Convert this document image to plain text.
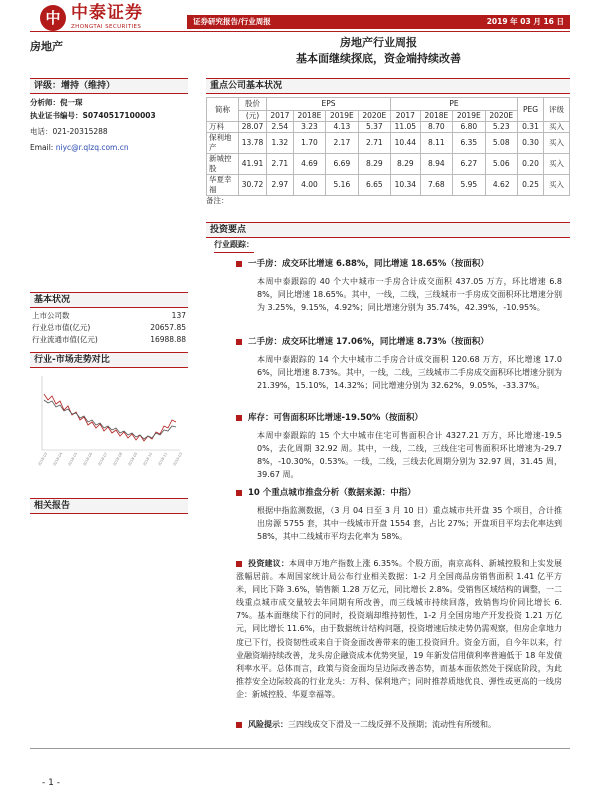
中 中泰证券
ZHONGTAI SECURITIES
证券研究报告/行业周报	2019 年 03 月 16 日
房地产	房地产行业周报
基本面继续探底，资金端持续改善
评级：增持（维持）
分析师：倪一琛
执业证书编号：S0740517100003
电话：021-20315288
Email: niyc@r.qlzq.com.cn
基本状况
上市公司数	137
行业总市值(亿元)	20657.85
行业流通市值(亿元)	16988.88
行业-市场走势对比
2018-03 2018-04 2018-05 2018-06 2018-07 2018-08 2018-09 2018-10 2018-11 2019-03
相关报告
重点公司基本状况
简称	股价	EPS				PE				PEG	评级
	(元)	2017	2018E	2019E	2020E	2017	2018E	2019E	2020E		
万科	28.07	2.54	3.23	4.13	5.37	11.05	8.70	6.80	5.23	0.31	买入
保利地产	13.78	1.32	1.70	2.17	2.71	10.44	8.11	6.35	5.08	0.30	买入
新城控股	41.91	2.71	4.69	6.69	8.29	8.29	8.94	6.27	5.06	0.20	买入
华夏幸福	30.72	2.97	4.00	5.16	6.65	10.34	7.68	5.95	4.62	0.25	买入
备注：
投资要点
行业跟踪：
一手房：成交环比增速 6.88%，同比增速 18.65%（按面积）
本周中泰跟踪的 40 个大中城市一手房合计成交面积 437.05 万方，环比增速 6.88%，同比增速 18.65%。其中，一线，二线，三线城市一手房成交面积环比增速分别为 3.25%，9.15%，4.92%；同比增速分别为 35.74%，42.39%，-10.95%。
二手房：成交环比增速 17.06%，同比增速 8.73%（按面积）
本周中泰跟踪的 14 个大中城市二手房合计成交面积 120.68 万方，环比增速 17.06%，同比增速 8.73%。其中，一线，二线，三线城市二手房成交面积环比增速分别为 21.39%，15.10%，14.32%；同比增速分别为 32.62%，9.05%，-33.37%。
库存：可售面积环比增速-19.50%（按面积）
本周中泰跟踪的 15 个大中城市住宅可售面积合计 4327.21 万方，环比增速-19.50%，去化周期 32.92 周。其中，一线，二线，三线住宅可售面积环比增速为-29.78%，-10.30%，0.53%。一线，二线，三线去化周期分别为 32.97 周，31.45 周，39.67 周。
10 个重点城市推盘分析（数据来源：中指）
根据中指监测数据，（3 月 04 日至 3 月 10 日）重点城市共开盘 35 个项目，合计推出房源 5755 套，其中一线城市开盘 1554 套，占比 27%；开盘项目平均去化率达到 58%，其中二线城市平均去化率为 58%。
投资建议：本周申万地产指数上涨 6.35%。个股方面，南京高科、新城控股和上实发展涨幅居前。本周国家统计局公布行业相关数据：1-2 月全国商品房销售面积 1.41 亿平方米，同比下降 3.6%，销售额 1.28 万亿元，同比增长 2.8%。受销售区域结构的调整，一二线重点城市成交量较去年同期有所改善，而三线城市持续回落，致销售均价同比增长 6.7%。基本面继续下行的同时，投资端却维持韧性，1-2 月全国房地产开发投资 1.21 万亿元，同比增长 11.6%，由于数据统计结构问题，投资增速后续走势仍需观察，但房企拿地力度已下行，投资韧性或来自于资金面改善带来的施工投资回升。资金方面，自今年以来，行业融资端持续改善，龙头房企融资成本优势突显，19 年新发信用债利率普遍低于 18 年发债利率水平。总体而言，政策与资金面均呈边际改善态势，而基本面依然处于探底阶段，为此推荐安全边际较高的行业龙头：万科、保利地产；同时推荐质地优良、弹性或更高的一线房企：新城控股、华夏幸福等。
风险提示：三四线成交下滑及一二线反弹不及预期；流动性有所缓和。
- 1 -
